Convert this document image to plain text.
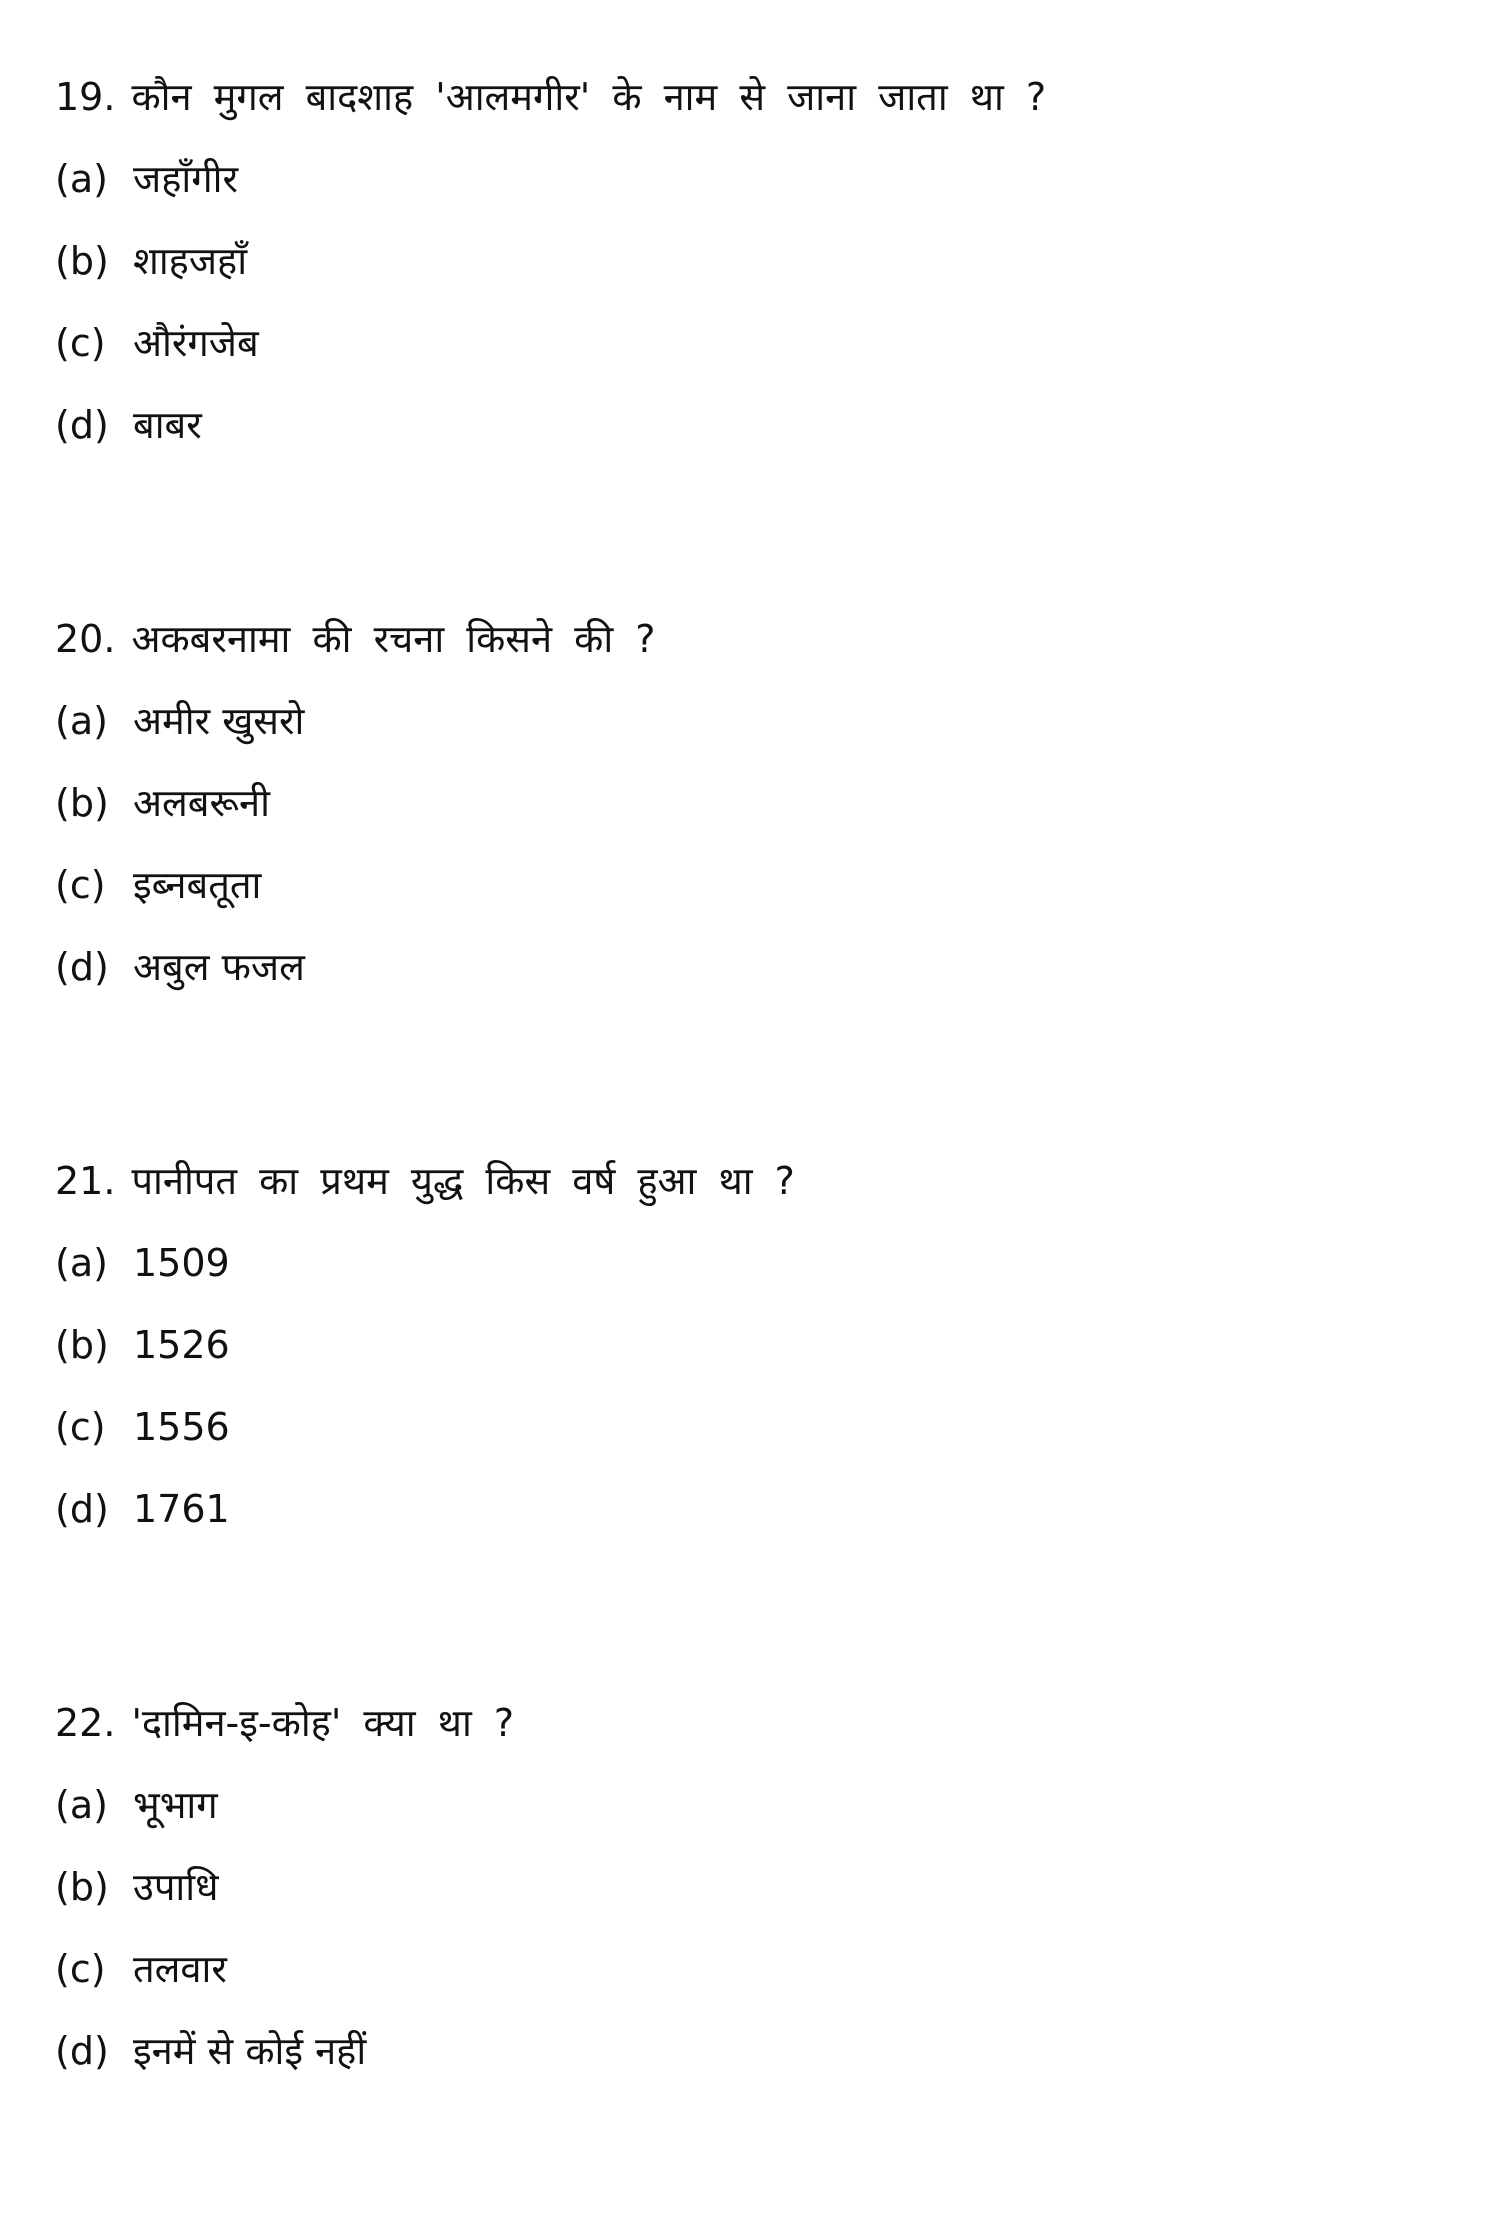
19. कौन मुगल बादशाह 'आलमगीर' के नाम से जाना जाता था ?
(a) जहाँगीर
(b) शाहजहाँ
(c) औरंगजेब
(d) बाबर
20. अकबरनामा की रचना किसने की ?
(a) अमीर खुसरो
(b) अलबरूनी
(c) इब्नबतूता
(d) अबुल फजल
21. पानीपत का प्रथम युद्ध किस वर्ष हुआ था ?
(a) 1509
(b) 1526
(c) 1556
(d) 1761
22. 'दामिन-इ-कोह' क्या था ?
(a) भूभाग
(b) उपाधि
(c) तलवार
(d) इनमें से कोई नहीं
